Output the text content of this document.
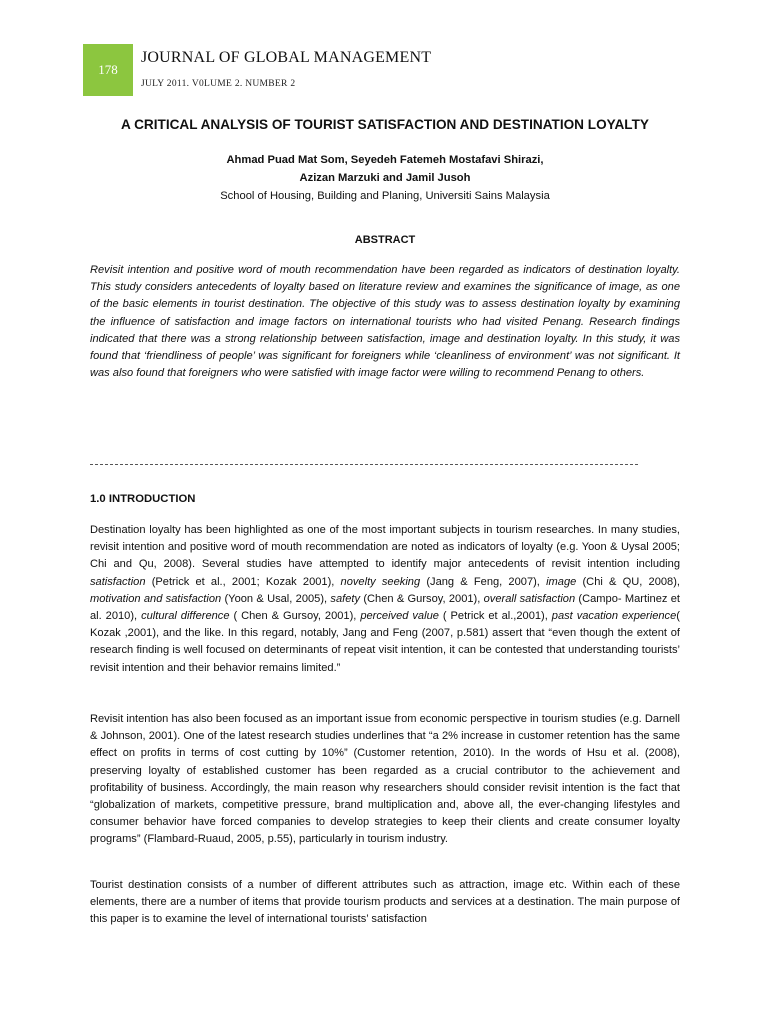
178
JOURNAL OF GLOBAL MANAGEMENT
JULY 2011. V0LUME 2. NUMBER 2
A CRITICAL ANALYSIS OF TOURIST SATISFACTION AND DESTINATION LOYALTY
Ahmad Puad Mat Som, Seyedeh Fatemeh Mostafavi Shirazi,
Azizan Marzuki and Jamil Jusoh
School of Housing, Building and Planing, Universiti Sains Malaysia
ABSTRACT

Revisit intention and positive word of mouth recommendation have been regarded as indicators of destination loyalty. This study considers antecedents of loyalty based on literature review and examines the significance of image, as one of the basic elements in tourist destination. The objective of this study was to assess destination loyalty by examining the influence of satisfaction and image factors on international tourists who had visited Penang. Research findings indicated that there was a strong relationship between satisfaction, image and destination loyalty. In this study, it was found that ‘friendliness of people’ was significant for foreigners while ‘cleanliness of environment’ was not significant. It was also found that foreigners who were satisfied with image factor were willing to recommend Penang to others.

1.0 INTRODUCTION

Destination loyalty has been highlighted as one of the most important subjects in tourism researches. In many studies, revisit intention and positive word of mouth recommendation are noted as indicators of loyalty (e.g. Yoon & Uysal 2005; Chi and Qu, 2008). Several studies have attempted to identify major antecedents of revisit intention including satisfaction (Petrick et al., 2001; Kozak 2001), novelty seeking (Jang & Feng, 2007), image (Chi & QU, 2008), motivation and satisfaction (Yoon & Usal, 2005), safety (Chen & Gursoy, 2001), overall satisfaction (Campo- Martinez et al. 2010), cultural difference ( Chen & Gursoy, 2001), perceived value ( Petrick et al.,2001), past vacation experience( Kozak ,2001), and the like. In this regard, notably, Jang and Feng (2007, p.581) assert that “even though the extent of research finding is well focused on determinants of repeat visit intention, it can be contested that understanding tourists’ revisit intention and their behavior remains limited.”

Revisit intention has also been focused as an important issue from economic perspective in tourism studies (e.g. Darnell & Johnson, 2001). One of the latest research studies underlines that “a 2% increase in customer retention has the same effect on profits in terms of cost cutting by 10%” (Customer retention, 2010). In the words of Hsu et al. (2008), preserving loyalty of established customer has been regarded as a crucial contributor to the achievement and profitability of business. Accordingly, the main reason why researchers should consider revisit intention is the fact that “globalization of markets, competitive pressure, brand multiplication and, above all, the ever-changing lifestyles and consumer behavior have forced companies to develop strategies to keep their clients and create consumer loyalty programs” (Flambard-Ruaud, 2005, p.55), particularly in tourism industry.

Tourist destination consists of a number of different attributes such as attraction, image etc. Within each of these elements, there are a number of items that provide tourism products and services at a destination. The main purpose of this paper is to examine the level of international tourists’ satisfaction
